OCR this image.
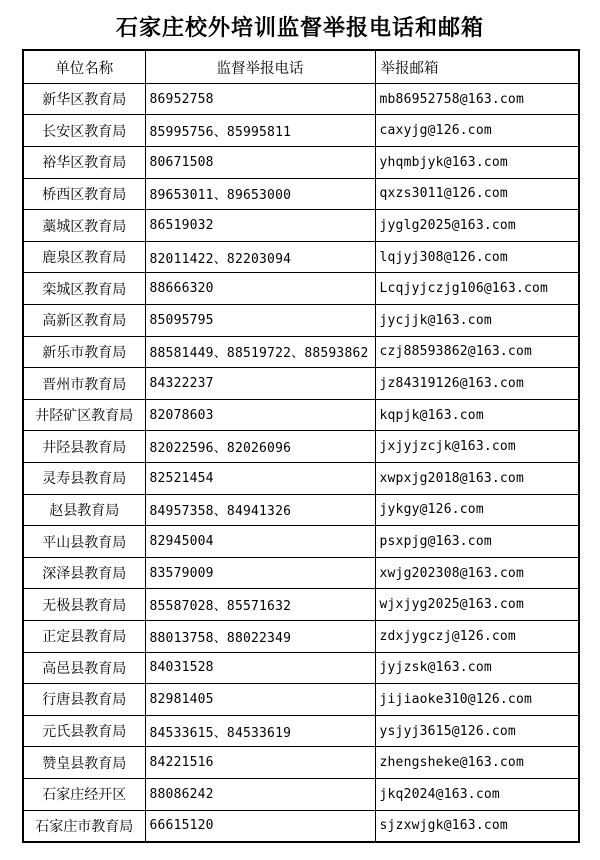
石家庄校外培训监督举报电话和邮箱
单位名称	监督举报电话	举报邮箱
新华区教育局	86952758	mb86952758@163.com
长安区教育局	85995756、85995811	caxyjg@126.com
裕华区教育局	80671508	yhqmbjyk@163.com
桥西区教育局	89653011、89653000	qxzs3011@126.com
藁城区教育局	86519032	jyglg2025@163.com
鹿泉区教育局	82011422、82203094	lqjyj308@126.com
栾城区教育局	88666320	Lcqjyjczjg106@163.com
高新区教育局	85095795	jycjjk@163.com
新乐市教育局	88581449、88519722、88593862	czj88593862@163.com
晋州市教育局	84322237	jz84319126@163.com
井陉矿区教育局	82078603	kqpjk@163.com
井陉县教育局	82022596、82026096	jxjyjzcjk@163.com
灵寿县教育局	82521454	xwpxjg2018@163.com
赵县教育局	84957358、84941326	jykgy@126.com
平山县教育局	82945004	psxpjg@163.com
深泽县教育局	83579009	xwjg202308@163.com
无极县教育局	85587028、85571632	wjxjyg2025@163.com
正定县教育局	88013758、88022349	zdxjygczj@126.com
高邑县教育局	84031528	jyjzsk@163.com
行唐县教育局	82981405	jijiaoke310@126.com
元氏县教育局	84533615、84533619	ysjyj3615@126.com
赞皇县教育局	84221516	zhengsheke@163.com
石家庄经开区	88086242	jkq2024@163.com
石家庄市教育局	66615120	sjzxwjgk@163.com
